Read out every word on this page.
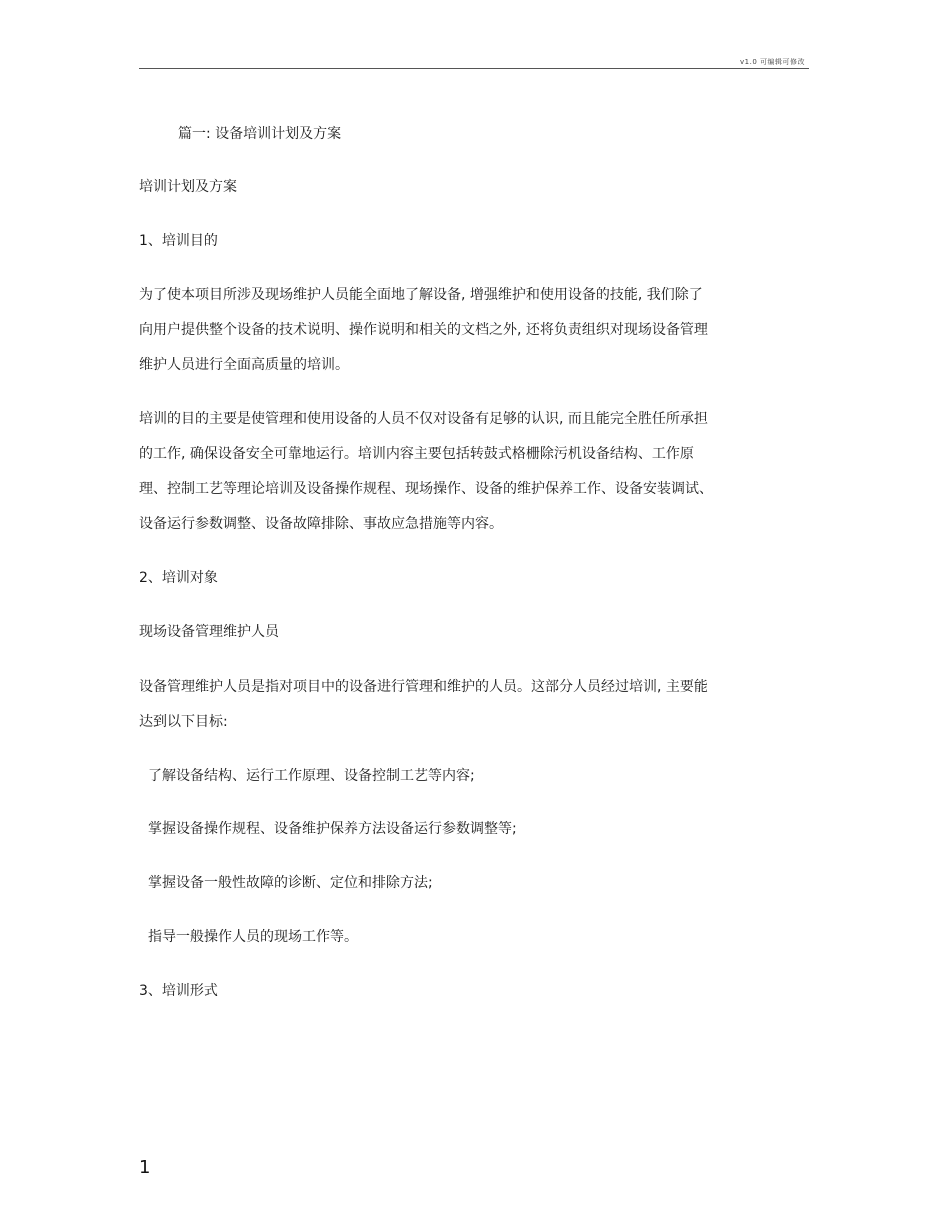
v1.0 可编辑可修改
篇一: 设备培训计划及方案
培训计划及方案
1、培训目的
为了使本项目所涉及现场维护人员能全面地了解设备, 增强维护和使用设备的技能, 我们除了
向用户提供整个设备的技术说明、操作说明和相关的文档之外, 还将负责组织对现场设备管理
维护人员进行全面高质量的培训。
培训的目的主要是使管理和使用设备的人员不仅对设备有足够的认识, 而且能完全胜任所承担
的工作, 确保设备安全可靠地运行。培训内容主要包括转鼓式格栅除污机设备结构、工作原
理、控制工艺等理论培训及设备操作规程、现场操作、设备的维护保养工作、设备安装调试、
设备运行参数调整、设备故障排除、事故应急措施等内容。
2、培训对象
现场设备管理维护人员
设备管理维护人员是指对项目中的设备进行管理和维护的人员。这部分人员经过培训, 主要能
达到以下目标:
了解设备结构、运行工作原理、设备控制工艺等内容;
掌握设备操作规程、设备维护保养方法设备运行参数调整等;
掌握设备一般性故障的诊断、定位和排除方法;
指导一般操作人员的现场工作等。
3、培训形式
1
